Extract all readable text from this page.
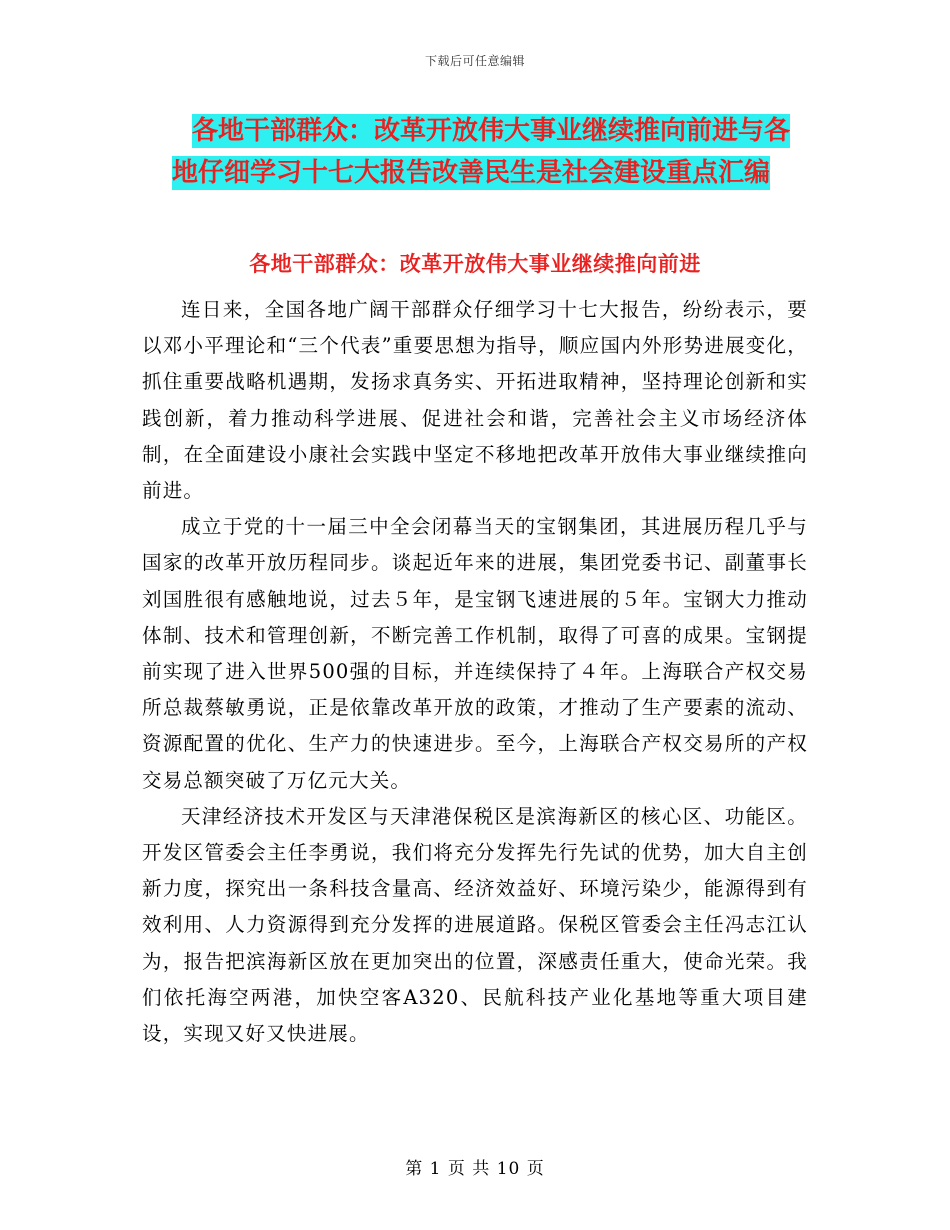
下载后可任意编辑
各地干部群众：改革开放伟大事业继续推向前进与各
地仔细学习十七大报告改善民生是社会建设重点汇编
各地干部群众：改革开放伟大事业继续推向前进

连日来，全国各地广阔干部群众仔细学习十七大报告，纷纷表示，要以邓小平理论和“三个代表”重要思想为指导，顺应国内外形势进展变化，抓住重要战略机遇期，发扬求真务实、开拓进取精神，坚持理论创新和实践创新，着力推动科学进展、促进社会和谐，完善社会主义市场经济体制，在全面建设小康社会实践中坚定不移地把改革开放伟大事业继续推向前进。

成立于党的十一届三中全会闭幕当天的宝钢集团，其进展历程几乎与国家的改革开放历程同步。谈起近年来的进展，集团党委书记、副董事长刘国胜很有感触地说，过去５年，是宝钢飞速进展的５年。宝钢大力推动体制、技术和管理创新，不断完善工作机制，取得了可喜的成果。宝钢提前实现了进入世界500强的目标，并连续保持了４年。上海联合产权交易所总裁蔡敏勇说，正是依靠改革开放的政策，才推动了生产要素的流动、资源配置的优化、生产力的快速进步。至今，上海联合产权交易所的产权交易总额突破了万亿元大关。

天津经济技术开发区与天津港保税区是滨海新区的核心区、功能区。开发区管委会主任李勇说，我们将充分发挥先行先试的优势，加大自主创新力度，探究出一条科技含量高、经济效益好、环境污染少，能源得到有效利用、人力资源得到充分发挥的进展道路。保税区管委会主任冯志江认为，报告把滨海新区放在更加突出的位置，深感责任重大，使命光荣。我们依托海空两港，加快空客A320、民航科技产业化基地等重大项目建设，实现又好又快进展。

第 1 页 共 10 页
